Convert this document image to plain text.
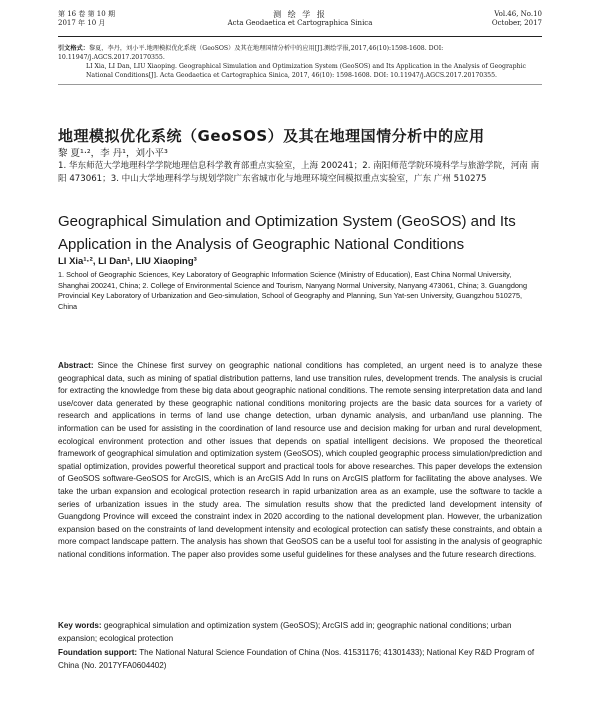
第 16 卷 第 10 期
2017 年 10 月
测 绘 学 报
Acta Geodaetica et Cartographica Sinica
Vol.46, No.10
October, 2017
引文格式：黎夏，李丹，刘小平.地理模拟优化系统（GeoSOS）及其在地理国情分析中的应用[J].测绘学报,2017,46(10):1598-1608. DOI: 10.11947/j.AGCS.2017.20170355.
LI Xia, LI Dan, LIU Xiaoping. Geographical Simulation and Optimization System (GeoSOS) and Its Application in the Analysis of Geographic National Conditions[J]. Acta Geodaetica et Cartographica Sinica, 2017, 46(10): 1598-1608. DOI: 10.11947/j.AGCS.2017.20170355.
地理模拟优化系统（GeoSOS）及其在地理国情分析中的应用
黎 夏¹·²，李 丹¹，刘小平³
1. 华东师范大学地理科学学院地理信息科学教育部重点实验室，上海 200241；2. 南阳师范学院环境科学与旅游学院，河南 南阳 473061；3. 中山大学地理科学与规划学院广东省城市化与地理环境空间模拟重点实验室，广东 广州 510275
Geographical Simulation and Optimization System (GeoSOS) and Its Application in the Analysis of Geographic National Conditions
LI Xia¹·², LI Dan¹, LIU Xiaoping³
1. School of Geographic Sciences, Key Laboratory of Geographic Information Science (Ministry of Education), East China Normal University, Shanghai 200241, China; 2. College of Environmental Science and Tourism, Nanyang Normal University, Nanyang 473061, China; 3. Guangdong Provincial Key Laboratory of Urbanization and Geo-simulation, School of Geography and Planning, Sun Yat-sen University, Guangzhou 510275, China
Abstract: Since the Chinese first survey on geographic national conditions has completed, an urgent need is to analyze these geographical data, such as mining of spatial distribution patterns, land use transition rules, development trends. The analysis is crucial for extracting the knowledge from these big data about geographic national conditions. The remote sensing interpretation data and land use/cover data generated by these geographic national conditions monitoring projects are the basic data sources for a variety of research and applications in terms of land use change detection, urban dynamic analysis, and urban/land use planning. The information can be used for assisting in the coordination of land resource use and decision making for urban and rural development, ecological environment protection and other issues that depends on spatial intelligent decisions. We proposed the theoretical framework of geographical simulation and optimization system (GeoSOS), which coupled geographic process simulation/prediction and spatial optimization, provides powerful theoretical support and practical tools for above researches. This paper develops the extension of GeoSOS software-GeoSOS for ArcGIS, which is an ArcGIS Add In runs on ArcGIS platform for facilitating the above analyses. We take the urban expansion and ecological protection research in rapid urbanization area as an example, use the software to tackle a series of urbanization issues in the study area. The simulation results show that the predicted land development intensity of Guangdong Province will exceed the constraint index in 2020 according to the national development plan. However, the urbanization expansion based on the constraints of land development intensity and ecological protection can satisfy these constraints, and obtain a more compact landscape pattern. The analysis has shown that GeoSOS can be a useful tool for assisting in the analysis of geographic national conditions information. The paper also provides some useful guidelines for these analyses and the future research directions.
Key words: geographical simulation and optimization system (GeoSOS); ArcGIS add in; geographic national conditions; urban expansion; ecological protection
Foundation support: The National Natural Science Foundation of China (Nos. 41531176; 41301433); National Key R&D Program of China (No. 2017YFA0604402)
